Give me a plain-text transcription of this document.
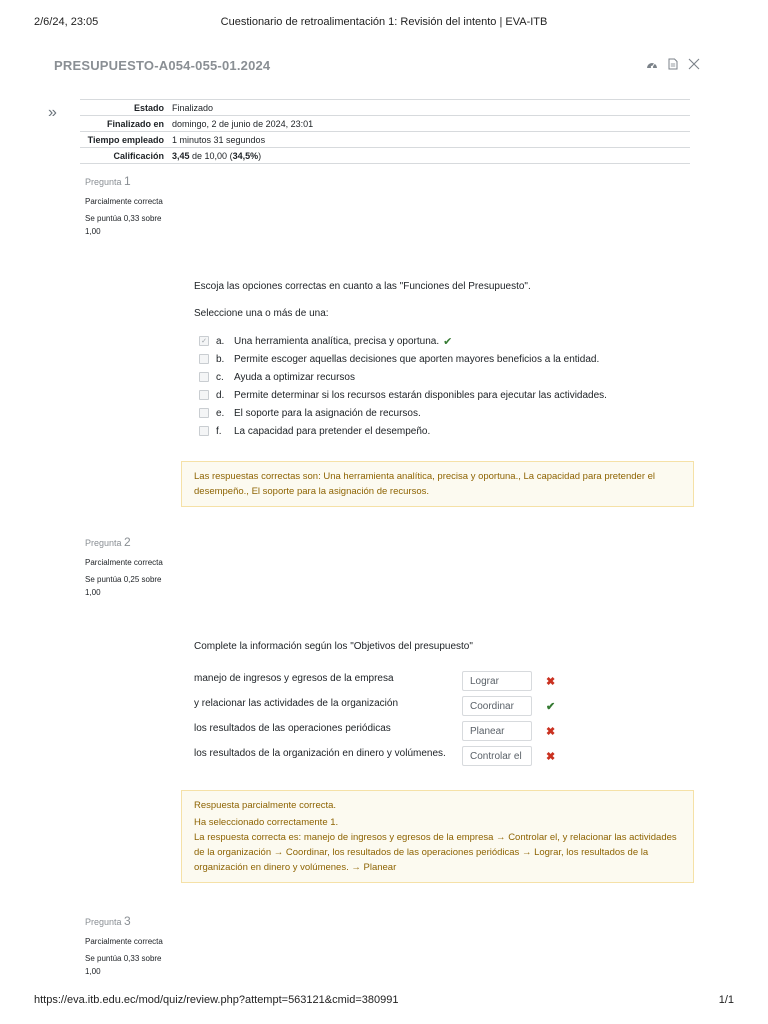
2/6/24, 23:05	Cuestionario de retroalimentación 1: Revisión del intento | EVA-ITB
PRESUPUESTO-A054-055-01.2024
»	Estado	Finalizado
Finalizado en	domingo, 2 de junio de 2024, 23:01
Tiempo empleado	1 minutos 31 segundos
Calificación	3,45 de 10,00 (34,5%)
Pregunta 1
Parcialmente correcta
Se puntúa 0,33 sobre 1,00
Escoja las opciones correctas en cuanto a las "Funciones del Presupuesto".
Seleccione una o más de una:
✓ a. Una herramienta analítica, precisa y oportuna. ✔
b. Permite escoger aquellas decisiones que aporten mayores beneficios a la entidad.
c.	Ayuda a optimizar recursos
d. Permite determinar si los recursos estarán disponibles para ejecutar las actividades.
e. El soporte para la asignación de recursos.
f.	La capacidad para pretender el desempeño.
Las respuestas correctas son: Una herramienta analítica, precisa y oportuna., La capacidad para pretender el desempeño., El soporte para la asignación de recursos.
Pregunta 2
Parcialmente correcta
Se puntúa 0,25 sobre 1,00
Complete la información según los "Objetivos del presupuesto"
manejo de ingresos y egresos de la empresa	Lograr	✖
y relacionar las actividades de la organización	Coordinar	✔
los resultados de las operaciones periódicas	Planear	✖
los resultados de la organización en dinero y volúmenes.	Controlar el	✖
Respuesta parcialmente correcta.
Ha seleccionado correctamente 1.
La respuesta correcta es: manejo de ingresos y egresos de la empresa → Controlar el, y relacionar las actividades de la organización → Coordinar, los resultados de las operaciones periódicas → Lograr, los resultados de la organización en dinero y volúmenes. → Planear
Pregunta 3
Parcialmente correcta
Se puntúa 0,33 sobre 1,00
https://eva.itb.edu.ec/mod/quiz/review.php?attempt=563121&cmid=380991	1/1
